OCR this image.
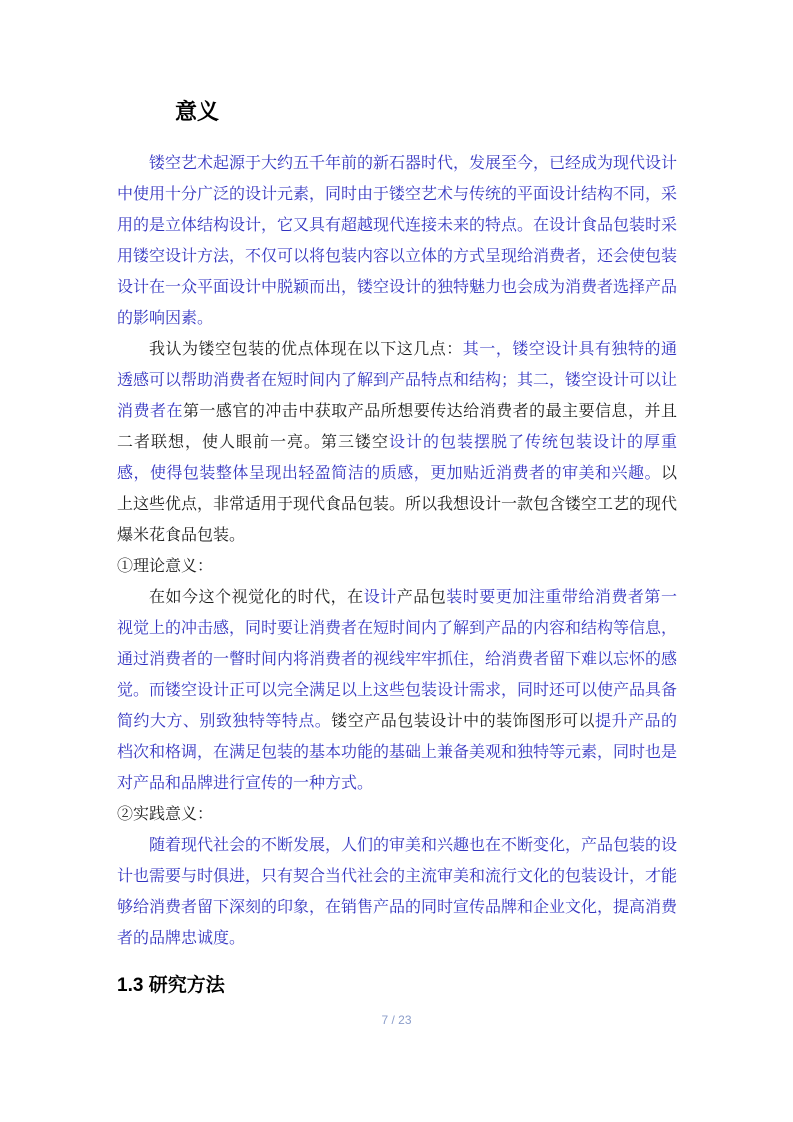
意义

镂空艺术起源于大约五千年前的新石器时代，发展至今，已经成为现代设计中使用十分广泛的设计元素，同时由于镂空艺术与传统的平面设计结构不同，采用的是立体结构设计，它又具有超越现代连接未来的特点。在设计食品包装时采用镂空设计方法，不仅可以将包装内容以立体的方式呈现给消费者，还会使包装设计在一众平面设计中脱颖而出，镂空设计的独特魅力也会成为消费者选择产品的影响因素。

我认为镂空包装的优点体现在以下这几点：其一，镂空设计具有独特的通透感可以帮助消费者在短时间内了解到产品特点和结构；其二，镂空设计可以让消费者在第一感官的冲击中获取产品所想要传达给消费者的最主要信息，并且二者联想，使人眼前一亮。第三镂空设计的包装摆脱了传统包装设计的厚重感，使得包装整体呈现出轻盈简洁的质感，更加贴近消费者的审美和兴趣。以上这些优点，非常适用于现代食品包装。所以我想设计一款包含镂空工艺的现代爆米花食品包装。

①理论意义：

在如今这个视觉化的时代，在设计产品包装时要更加注重带给消费者第一视觉上的冲击感，同时要让消费者在短时间内了解到产品的内容和结构等信息，通过消费者的一瞥时间内将消费者的视线牢牢抓住，给消费者留下难以忘怀的感觉。而镂空设计正可以完全满足以上这些包装设计需求，同时还可以使产品具备简约大方、别致独特等特点。镂空产品包装设计中的装饰图形可以提升产品的档次和格调，在满足包装的基本功能的基础上兼备美观和独特等元素，同时也是对产品和品牌进行宣传的一种方式。

②实践意义：

随着现代社会的不断发展，人们的审美和兴趣也在不断变化，产品包装的设计也需要与时俱进，只有契合当代社会的主流审美和流行文化的包装设计，才能够给消费者留下深刻的印象，在销售产品的同时宣传品牌和企业文化，提高消费者的品牌忠诚度。

1.3 研究方法
7 / 23
